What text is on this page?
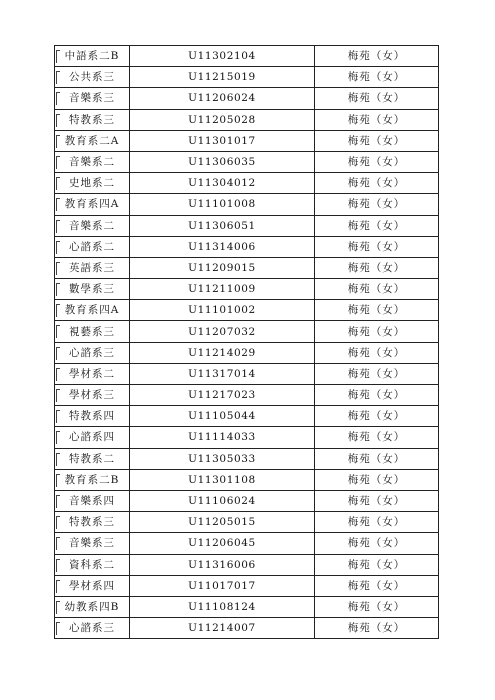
中語系二B	U11302104	梅苑（女）

公共系三	U11215019	梅苑（女）

音樂系三	U11206024	梅苑（女）

特教系三	U11205028	梅苑（女）

教育系二A	U11301017	梅苑（女）

音樂系二	U11306035	梅苑（女）

史地系二	U11304012	梅苑（女）

教育系四A	U11101008	梅苑（女）

音樂系二	U11306051	梅苑（女）

心諮系二	U11314006	梅苑（女）

英語系三	U11209015	梅苑（女）

數學系三	U11211009	梅苑（女）

教育系四A	U11101002	梅苑（女）

視藝系三	U11207032	梅苑（女）

心諮系三	U11214029	梅苑（女）

學材系二	U11317014	梅苑（女）

學材系三	U11217023	梅苑（女）

特教系四	U11105044	梅苑（女）

心諮系四	U11114033	梅苑（女）

特教系二	U11305033	梅苑（女）

教育系二B	U11301108	梅苑（女）

音樂系四	U11106024	梅苑（女）

特教系三	U11205015	梅苑（女）

音樂系三	U11206045	梅苑（女）

資科系二	U11316006	梅苑（女）

學材系四	U11017017	梅苑（女）

幼教系四B	U11108124	梅苑（女）

心諮系三	U11214007	梅苑（女）
